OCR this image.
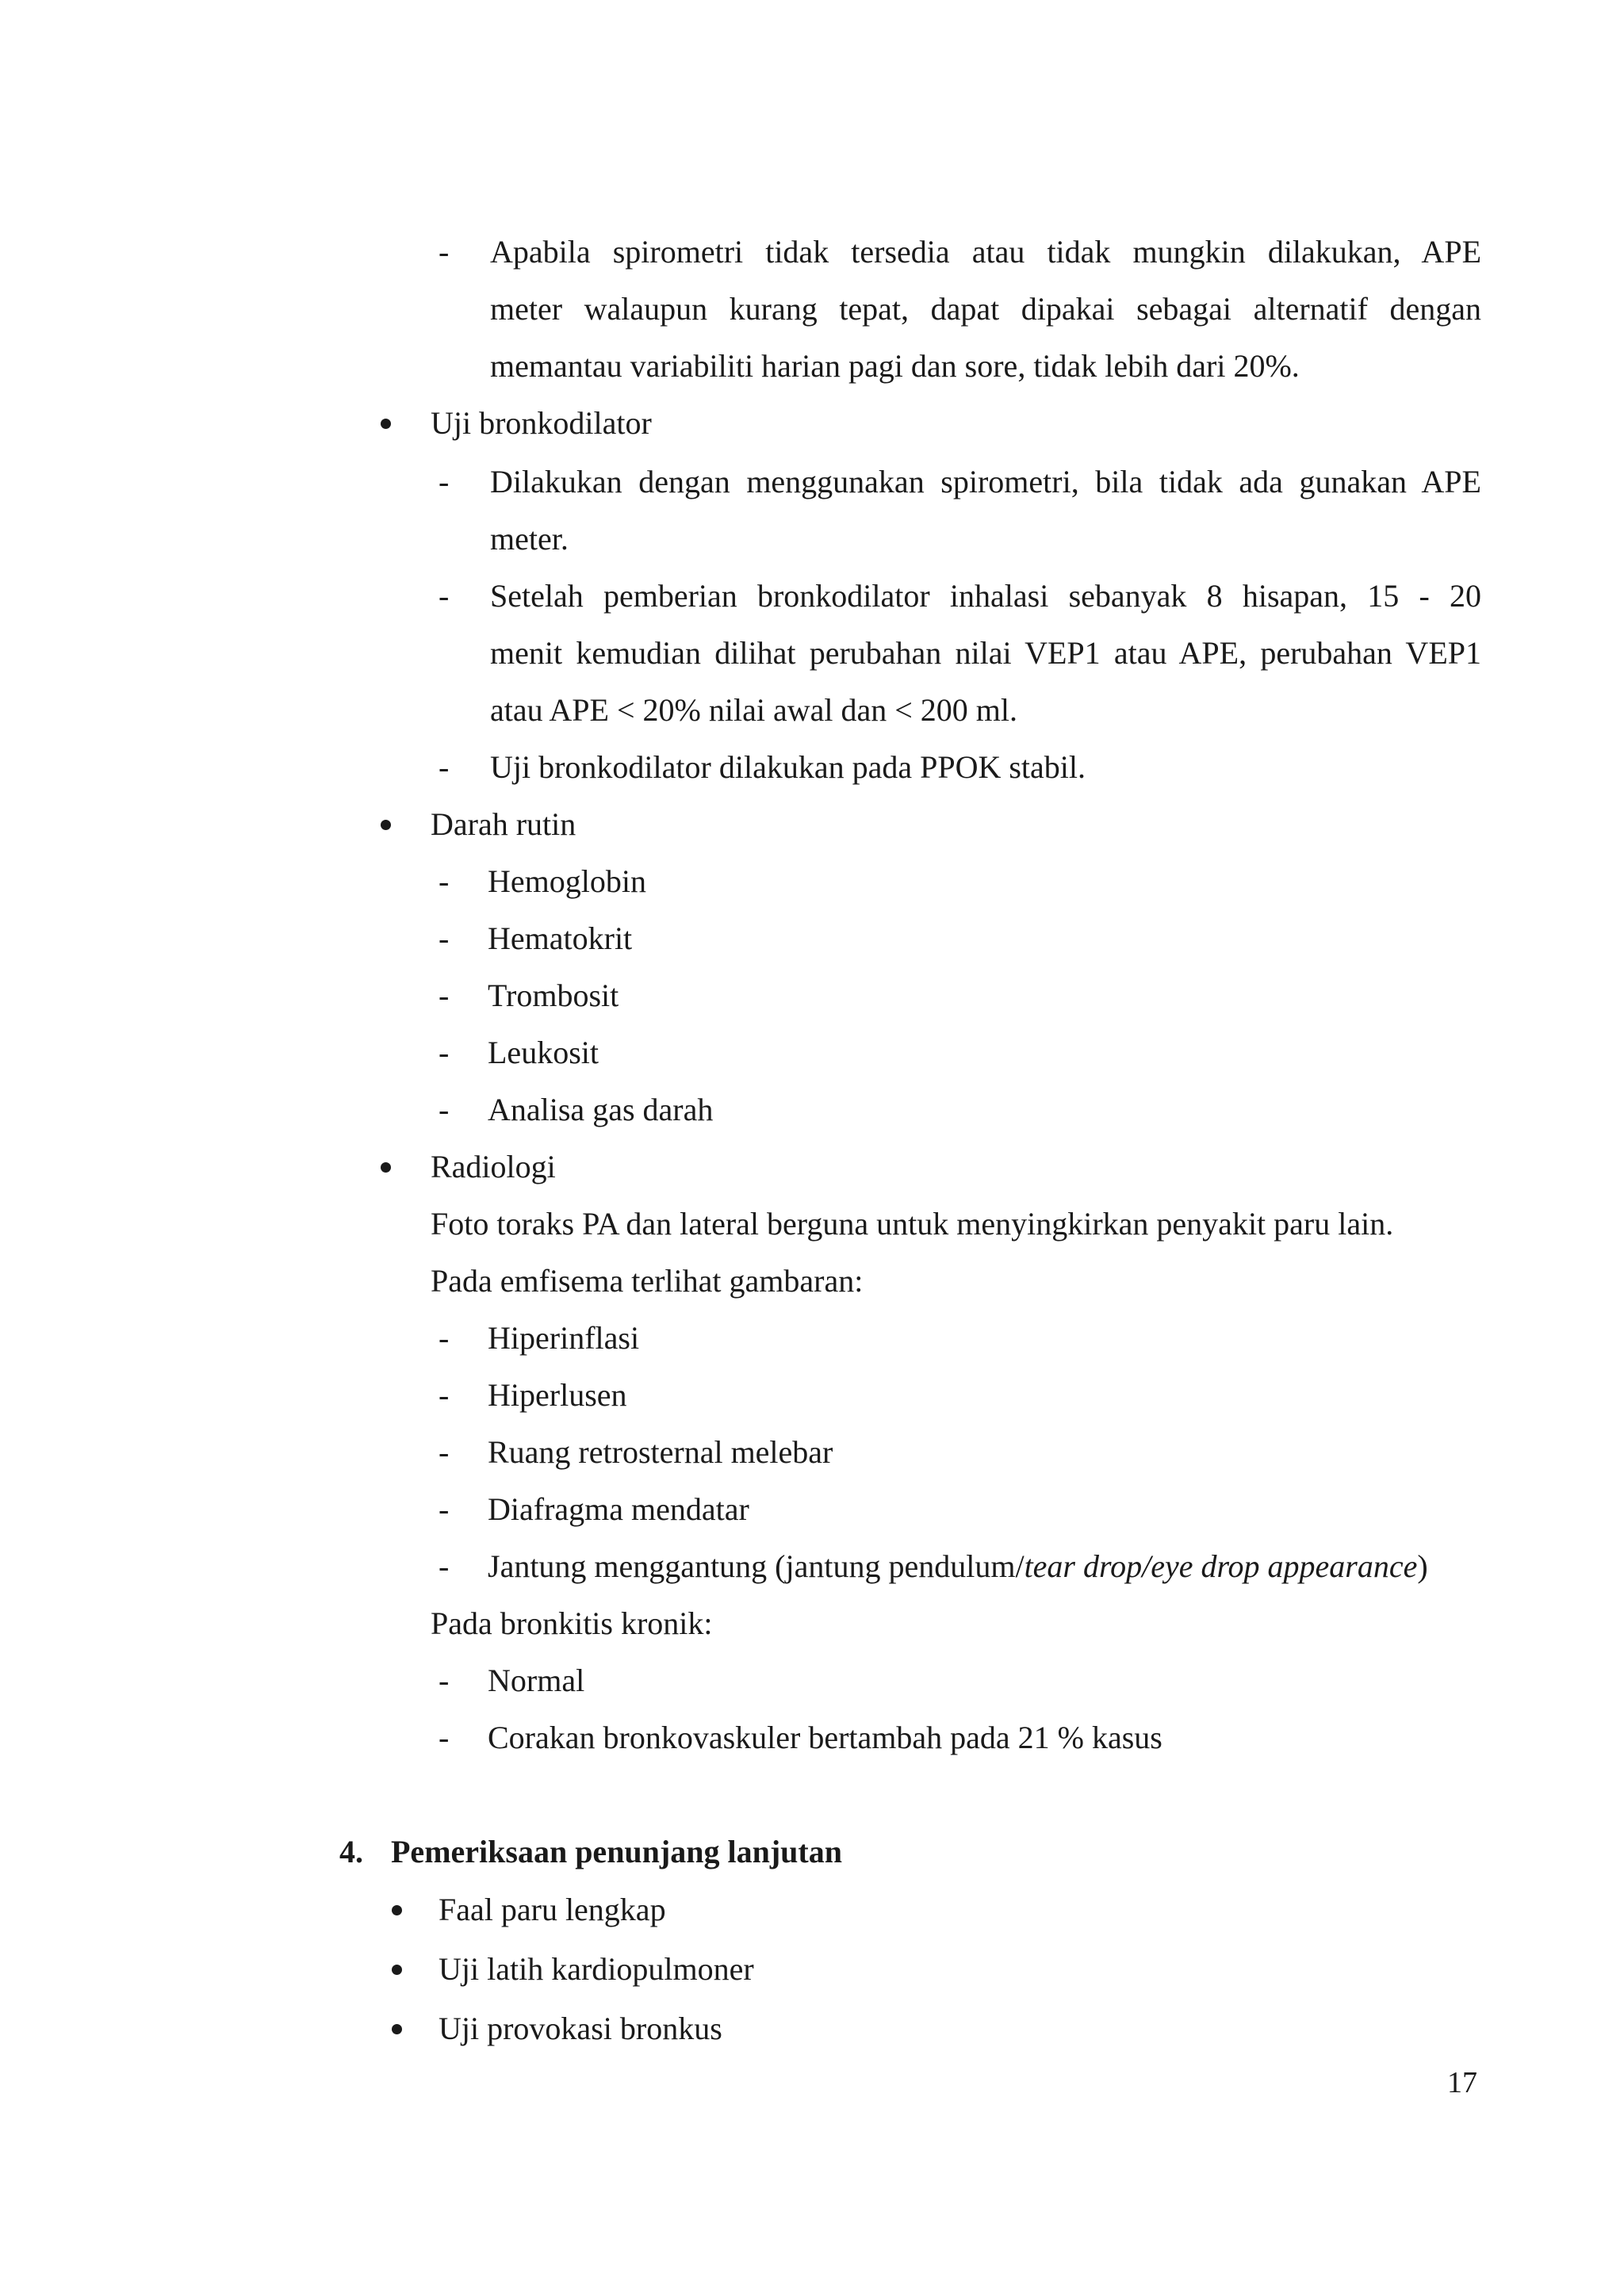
- Apabila spirometri tidak tersedia atau tidak mungkin dilakukan, APE

meter walaupun kurang tepat, dapat dipakai sebagai alternatif dengan

memantau variabiliti harian pagi dan sore, tidak lebih dari 20%.

Uji bronkodilator

- Dilakukan dengan menggunakan spirometri, bila tidak ada gunakan APE

meter.

- Setelah pemberian bronkodilator inhalasi sebanyak 8 hisapan, 15 - 20

menit kemudian dilihat perubahan nilai VEP1 atau APE, perubahan VEP1

atau APE < 20% nilai awal dan < 200 ml.

- Uji bronkodilator dilakukan pada PPOK stabil.

Darah rutin

- Hemoglobin

- Hematokrit

- Trombosit

- Leukosit

- Analisa gas darah

Radiologi

Foto toraks PA dan lateral berguna untuk menyingkirkan penyakit paru lain.

Pada emfisema terlihat gambaran:

- Hiperinflasi

- Hiperlusen

- Ruang retrosternal melebar

- Diafragma mendatar

- Jantung menggantung (jantung pendulum/tear drop/eye drop appearance)

Pada bronkitis kronik:

- Normal

- Corakan bronkovaskuler bertambah pada 21 % kasus

4. Pemeriksaan penunjang lanjutan

Faal paru lengkap

Uji latih kardiopulmoner

Uji provokasi bronkus

17
